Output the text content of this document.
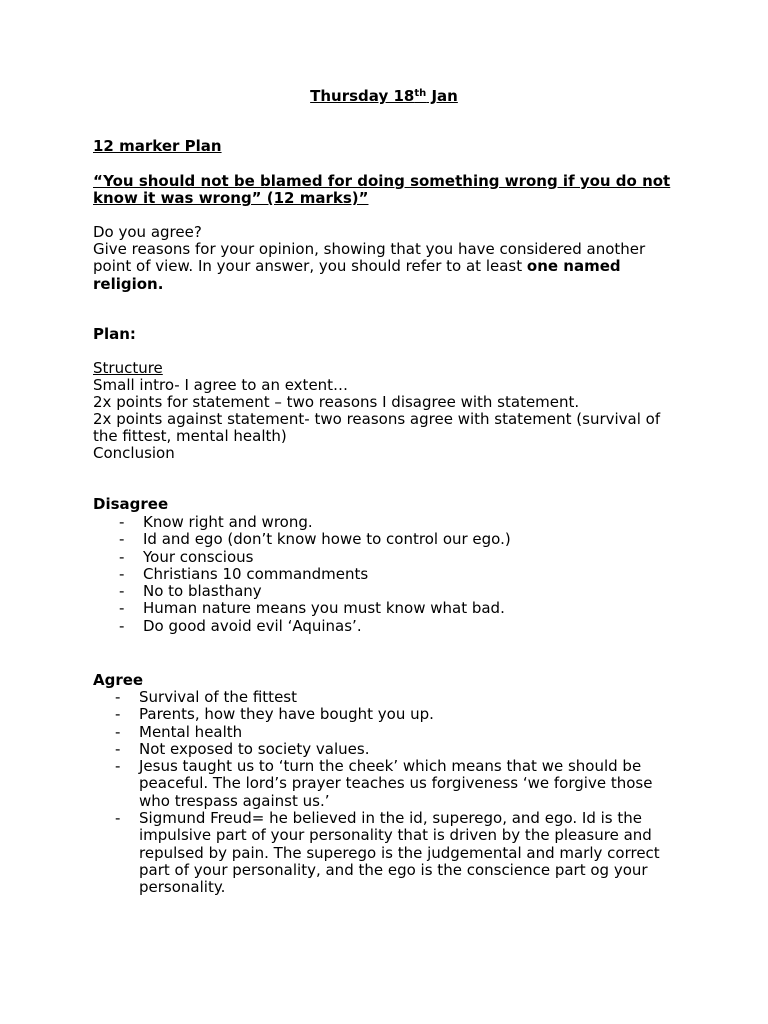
Thursday 18th Jan

12 marker Plan

“You should not be blamed for doing something wrong if you do not know it was wrong” (12 marks)”

Do you agree?

Give reasons for your opinion, showing that you have considered another point of view. In your answer, you should refer to at least one named religion.

Plan:

Structure

Small intro- I agree to an extent…

2x points for statement – two reasons I disagree with statement.

2x points against statement- two reasons agree with statement (survival of the fittest, mental health)

Conclusion

Disagree

- Know right and wrong.
- Id and ego (don’t know howe to control our ego.)
- Your conscious
- Christians 10 commandments
- No to blasthany
- Human nature means you must know what bad.
- Do good avoid evil ‘Aquinas’.

Agree

- Survival of the fittest
- Parents, how they have bought you up.
- Mental health
- Not exposed to society values.
- Jesus taught us to ‘turn the cheek’ which means that we should be peaceful. The lord’s prayer teaches us forgiveness ‘we forgive those who trespass against us.’
- Sigmund Freud= he believed in the id, superego, and ego. Id is the impulsive part of your personality that is driven by the pleasure and repulsed by pain. The superego is the judgemental and marly correct part of your personality, and the ego is the conscience part og your personality.
